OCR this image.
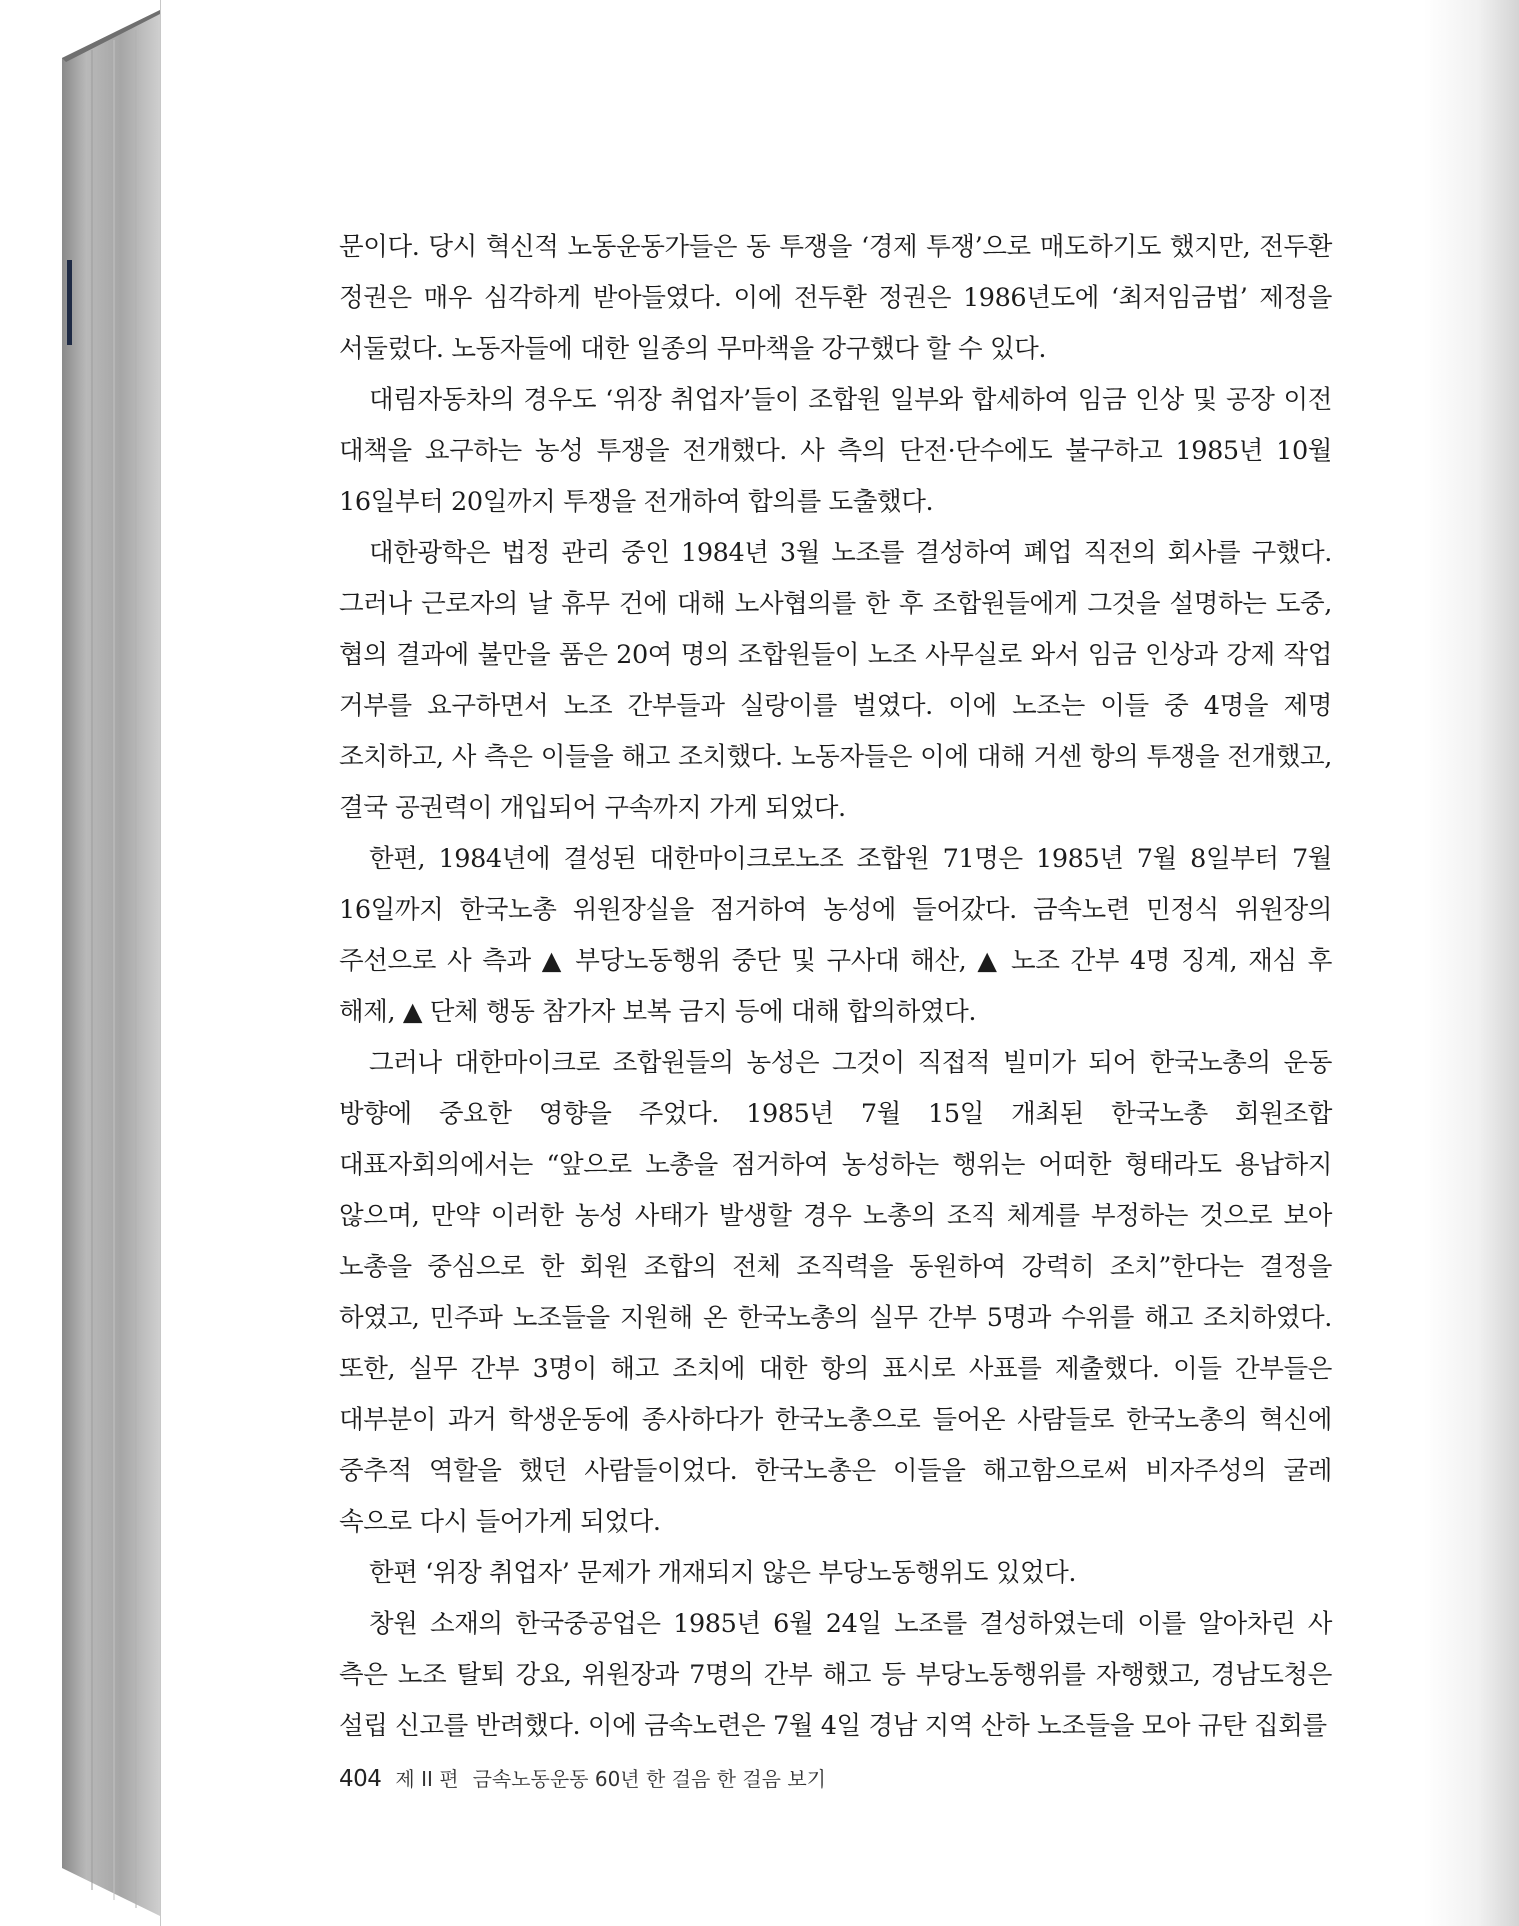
문이다. 당시 혁신적 노동운동가들은 동 투쟁을 ‘경제 투쟁’으로 매도하기도 했지만, 전두환 정권은 매우 심각하게 받아들였다. 이에 전두환 정권은 1986년도에 ‘최저임금법’ 제정을 서둘렀다. 노동자들에 대한 일종의 무마책을 강구했다 할 수 있다.

대림자동차의 경우도 ‘위장 취업자’들이 조합원 일부와 합세하여 임금 인상 및 공장 이전 대책을 요구하는 농성 투쟁을 전개했다. 사 측의 단전·단수에도 불구하고 1985년 10월 16일부터 20일까지 투쟁을 전개하여 합의를 도출했다.

대한광학은 법정 관리 중인 1984년 3월 노조를 결성하여 폐업 직전의 회사를 구했다. 그러나 근로자의 날 휴무 건에 대해 노사협의를 한 후 조합원들에게 그것을 설명하는 도중, 협의 결과에 불만을 품은 20여 명의 조합원들이 노조 사무실로 와서 임금 인상과 강제 작업 거부를 요구하면서 노조 간부들과 실랑이를 벌였다. 이에 노조는 이들 중 4명을 제명 조치하고, 사 측은 이들을 해고 조치했다. 노동자들은 이에 대해 거센 항의 투쟁을 전개했고, 결국 공권력이 개입되어 구속까지 가게 되었다.

한편, 1984년에 결성된 대한마이크로노조 조합원 71명은 1985년 7월 8일부터 7월 16일까지 한국노총 위원장실을 점거하여 농성에 들어갔다. 금속노련 민정식 위원장의 주선으로 사 측과 ▲ 부당노동행위 중단 및 구사대 해산, ▲ 노조 간부 4명 징계, 재심 후 해제, ▲ 단체 행동 참가자 보복 금지 등에 대해 합의하였다.

그러나 대한마이크로 조합원들의 농성은 그것이 직접적 빌미가 되어 한국노총의 운동 방향에 중요한 영향을 주었다. 1985년 7월 15일 개최된 한국노총 회원조합 대표자회의에서는 “앞으로 노총을 점거하여 농성하는 행위는 어떠한 형태라도 용납하지 않으며, 만약 이러한 농성 사태가 발생할 경우 노총의 조직 체계를 부정하는 것으로 보아 노총을 중심으로 한 회원 조합의 전체 조직력을 동원하여 강력히 조치”한다는 결정을 하였고, 민주파 노조들을 지원해 온 한국노총의 실무 간부 5명과 수위를 해고 조치하였다. 또한, 실무 간부 3명이 해고 조치에 대한 항의 표시로 사표를 제출했다. 이들 간부들은 대부분이 과거 학생운동에 종사하다가 한국노총으로 들어온 사람들로 한국노총의 혁신에 중추적 역할을 했던 사람들이었다. 한국노총은 이들을 해고함으로써 비자주성의 굴레 속으로 다시 들어가게 되었다.

한편 ‘위장 취업자’ 문제가 개재되지 않은 부당노동행위도 있었다.

창원 소재의 한국중공업은 1985년 6월 24일 노조를 결성하였는데 이를 알아차린 사 측은 노조 탈퇴 강요, 위원장과 7명의 간부 해고 등 부당노동행위를 자행했고, 경남도청은 설립 신고를 반려했다. 이에 금속노련은 7월 4일 경남 지역 산하 노조들을 모아 규탄 집회를

404 제 II 편 금속노동운동 60년 한 걸음 한 걸음 보기
